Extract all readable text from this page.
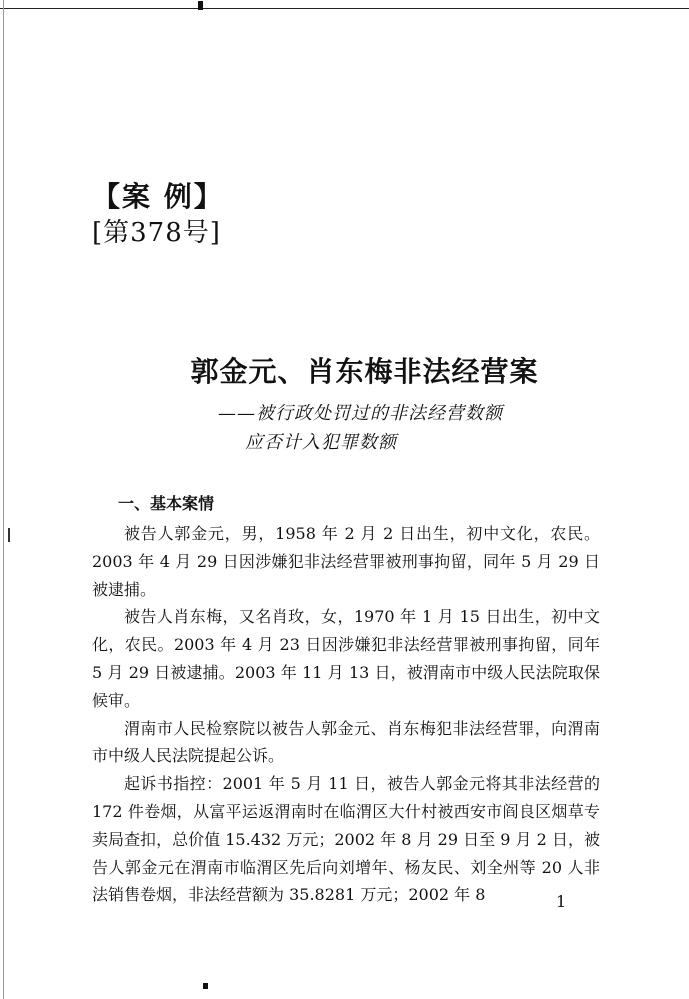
【案 例】
[第378号]
郭金元、肖东梅非法经营案
——被行政处罚过的非法经营数额
应否计入犯罪数额
一、基本案情

被告人郭金元，男，1958 年 2 月 2 日出生，初中文化，农民。2003 年 4 月 29 日因涉嫌犯非法经营罪被刑事拘留，同年 5 月 29 日被逮捕。

被告人肖东梅，又名肖玫，女，1970 年 1 月 15 日出生，初中文化，农民。2003 年 4 月 23 日因涉嫌犯非法经营罪被刑事拘留，同年 5 月 29 日被逮捕。2003 年 11 月 13 日，被渭南市中级人民法院取保候审。

渭南市人民检察院以被告人郭金元、肖东梅犯非法经营罪，向渭南市中级人民法院提起公诉。

起诉书指控：2001 年 5 月 11 日，被告人郭金元将其非法经营的 172 件卷烟，从富平运返渭南时在临渭区大什村被西安市阎良区烟草专卖局查扣，总价值 15.432 万元；2002 年 8 月 29 日至 9 月 2 日，被告人郭金元在渭南市临渭区先后向刘增年、杨友民、刘全州等 20 人非法销售卷烟，非法经营额为 35.8281 万元；2002 年 8	1
